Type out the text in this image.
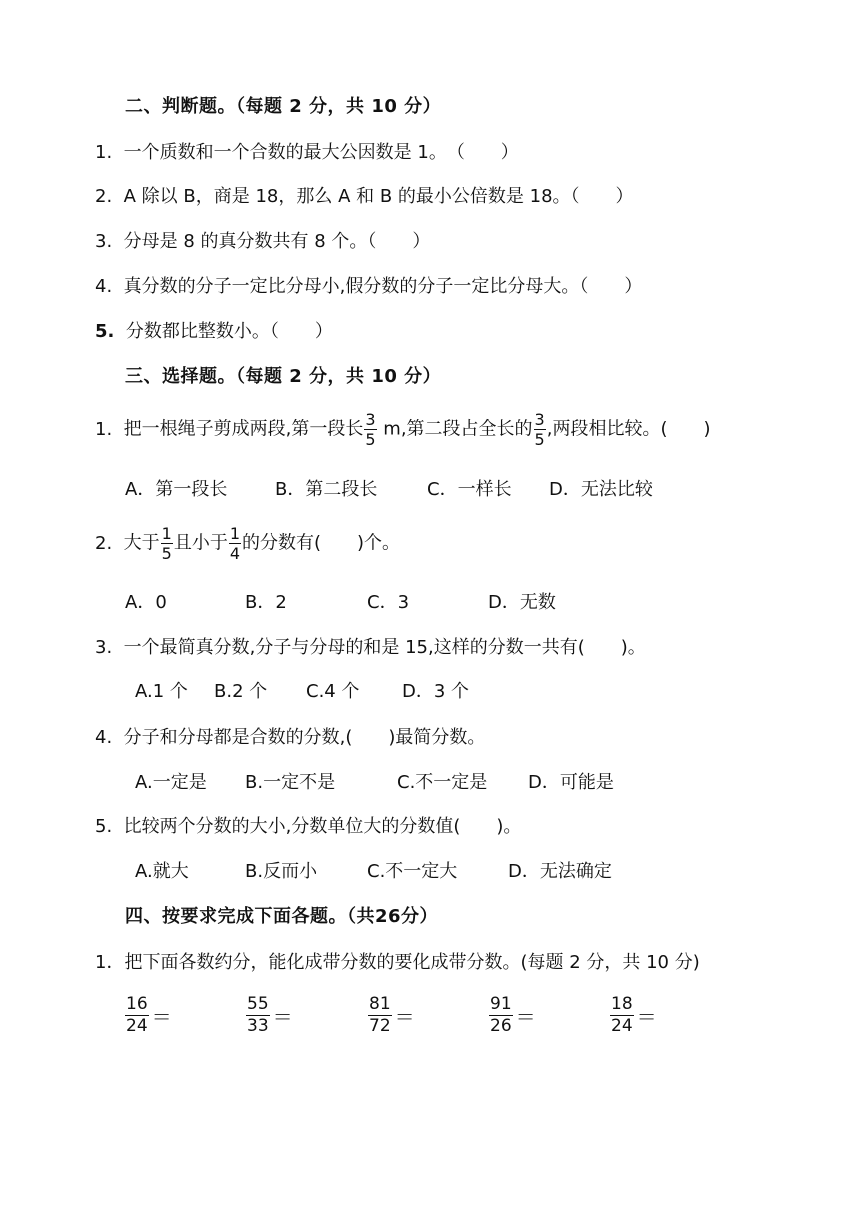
二、判断题。（每题 2 分，共 10 分）
1. 一个质数和一个合数的最大公因数是 1。　（　　）
2. A 除以 B，商是 18，那么 A 和 B 的最小公倍数是 18。（　　）
3. 分母是 8 的真分数共有 8 个。（　　）
4. 真分数的分子一定比分母小,假分数的分子一定比分母大。（　　）
5. 分数都比整数小。（　　）
三、选择题。（每题 2 分，共 10 分）
1. 把一根绳子剪成两段,第一段长 $\frac{3}{5} m$,第二段占全长的 $\frac{3}{5}$ ,两段相比较。(　　)
A．第一段长	B．第二段长	C．一样长 D．无法比较
2. 大于 $\frac{1}{5}$ 且小于 $\frac{1}{4}$ 的分数有(　　)个。
A．0	B．2	C．3	D．无数
3. 一个最简真分数,分子与分母的和是 15,这样的分数一共有(　　)。
A.1 个 B.2 个 C.4 个 D．3 个
4. 分子和分母都是合数的分数,(　　)最简分数。
A.一定是 B.一定不是	C.不一定是 D．可能是
5. 比较两个分数的大小,分数单位大的分数值(　　)。
A.就大	B.反而小	C.不一定大	D．无法确定
四、按要求完成下面各题。（共26分）
1．把下面各数约分，能化成带分数的要化成带分数。(每题 2 分，共 10 分)
$\frac{16}{24}$ ＝	$\frac{55}{33}$ ＝	$\frac{81}{72}$ ＝	$\frac{91}{26}$ ＝	$\frac{18}{24}$ ＝
